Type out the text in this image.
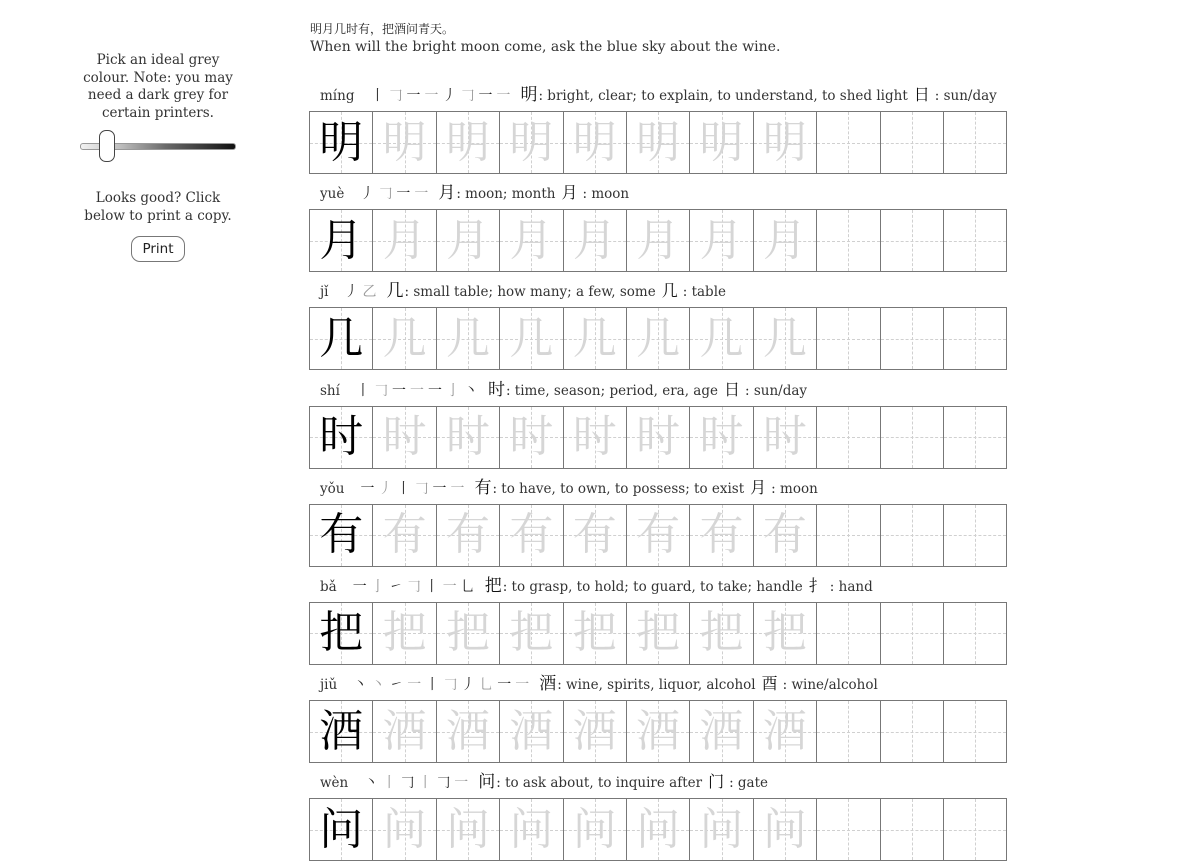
Pick an ideal grey colour. Note: you may need a dark grey for certain printers.
Looks good? Click below to print a copy.
Print
明月几时有，把酒问青天。
When will the bright moon come, ask the blue sky about the wine.
míng 丨 𠃌 一 一 丿 𠃌 一 一 明 : bright, clear; to explain, to understand, to shed light 日 : sun/day
明 明 明 明 明 明 明 明
yuè 丿 𠃌 一 一 月 : moon; month 月 : moon
月 月 月 月 月 月 月 月
jǐ 丿 乙 几 : small table; how many; a few, some 几 : table
几 几 几 几 几 几 几 几
shí 丨 𠃌 一 一 一 亅 丶 时 : time, season; period, era, age 日 : sun/day
时 时 时 时 时 时 时 时
yǒu 一 丿 丨 𠃌 一 一 有 : to have, to own, to possess; to exist 月 : moon
有 有 有 有 有 有 有 有
bǎ 一 亅 ㇀ 𠃌 丨 一 乚 把 : to grasp, to hold; to guard, to take; handle 扌 : hand
把 把 把 把 把 把 把 把
jiǔ 丶 丶 ㇀ 一 丨 𠃌 丿 乚 一 一 酒 : wine, spirits, liquor, alcohol 酉 : wine/alcohol
酒 酒 酒 酒 酒 酒 酒 酒
wèn 丶 丨 𠃌 丨 𠃌 一 问 : to ask about, to inquire after 门 : gate
问 问 问 问 问 问 问 问
